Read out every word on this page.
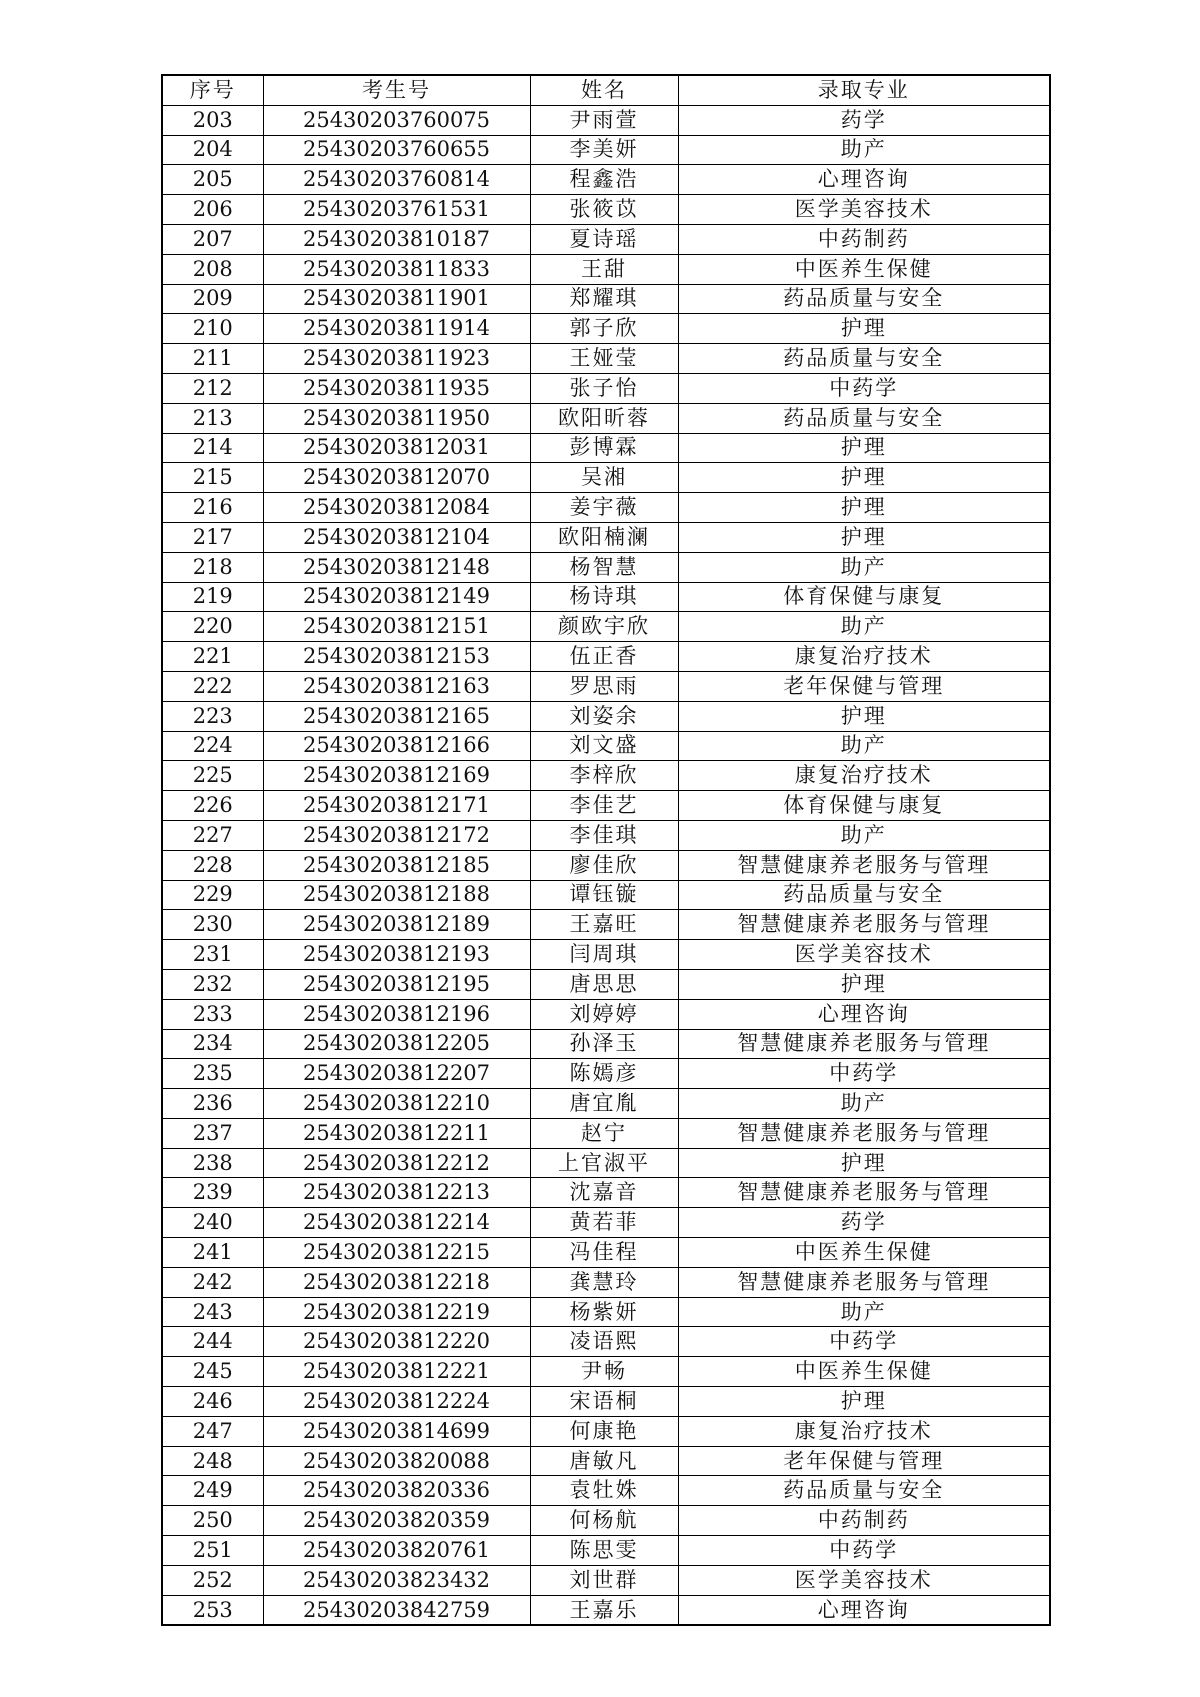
序号	考生号	姓名	录取专业
203	25430203760075	尹雨萱	药学
204	25430203760655	李美妍	助产
205	25430203760814	程鑫浩	心理咨询
206	25430203761531	张筱苡	医学美容技术
207	25430203810187	夏诗瑶	中药制药
208	25430203811833	王甜	中医养生保健
209	25430203811901	郑耀琪	药品质量与安全
210	25430203811914	郭子欣	护理
211	25430203811923	王娅莹	药品质量与安全
212	25430203811935	张子怡	中药学
213	25430203811950	欧阳昕蓉	药品质量与安全
214	25430203812031	彭博霖	护理
215	25430203812070	吴湘	护理
216	25430203812084	姜宇薇	护理
217	25430203812104	欧阳楠澜	护理
218	25430203812148	杨智慧	助产
219	25430203812149	杨诗琪	体育保健与康复
220	25430203812151	颜欧宇欣	助产
221	25430203812153	伍正香	康复治疗技术
222	25430203812163	罗思雨	老年保健与管理
223	25430203812165	刘姿余	护理
224	25430203812166	刘文盛	助产
225	25430203812169	李梓欣	康复治疗技术
226	25430203812171	李佳艺	体育保健与康复
227	25430203812172	李佳琪	助产
228	25430203812185	廖佳欣	智慧健康养老服务与管理
229	25430203812188	谭钰镟	药品质量与安全
230	25430203812189	王嘉旺	智慧健康养老服务与管理
231	25430203812193	闫周琪	医学美容技术
232	25430203812195	唐思思	护理
233	25430203812196	刘婷婷	心理咨询
234	25430203812205	孙泽玉	智慧健康养老服务与管理
235	25430203812207	陈嫣彦	中药学
236	25430203812210	唐宜胤	助产
237	25430203812211	赵宁	智慧健康养老服务与管理
238	25430203812212	上官淑平	护理
239	25430203812213	沈嘉音	智慧健康养老服务与管理
240	25430203812214	黄若菲	药学
241	25430203812215	冯佳程	中医养生保健
242	25430203812218	龚慧玲	智慧健康养老服务与管理
243	25430203812219	杨紫妍	助产
244	25430203812220	凌语熙	中药学
245	25430203812221	尹畅	中医养生保健
246	25430203812224	宋语桐	护理
247	25430203814699	何康艳	康复治疗技术
248	25430203820088	唐敏凡	老年保健与管理
249	25430203820336	袁牡姝	药品质量与安全
250	25430203820359	何杨航	中药制药
251	25430203820761	陈思雯	中药学
252	25430203823432	刘世群	医学美容技术
253	25430203842759	王嘉乐	心理咨询
